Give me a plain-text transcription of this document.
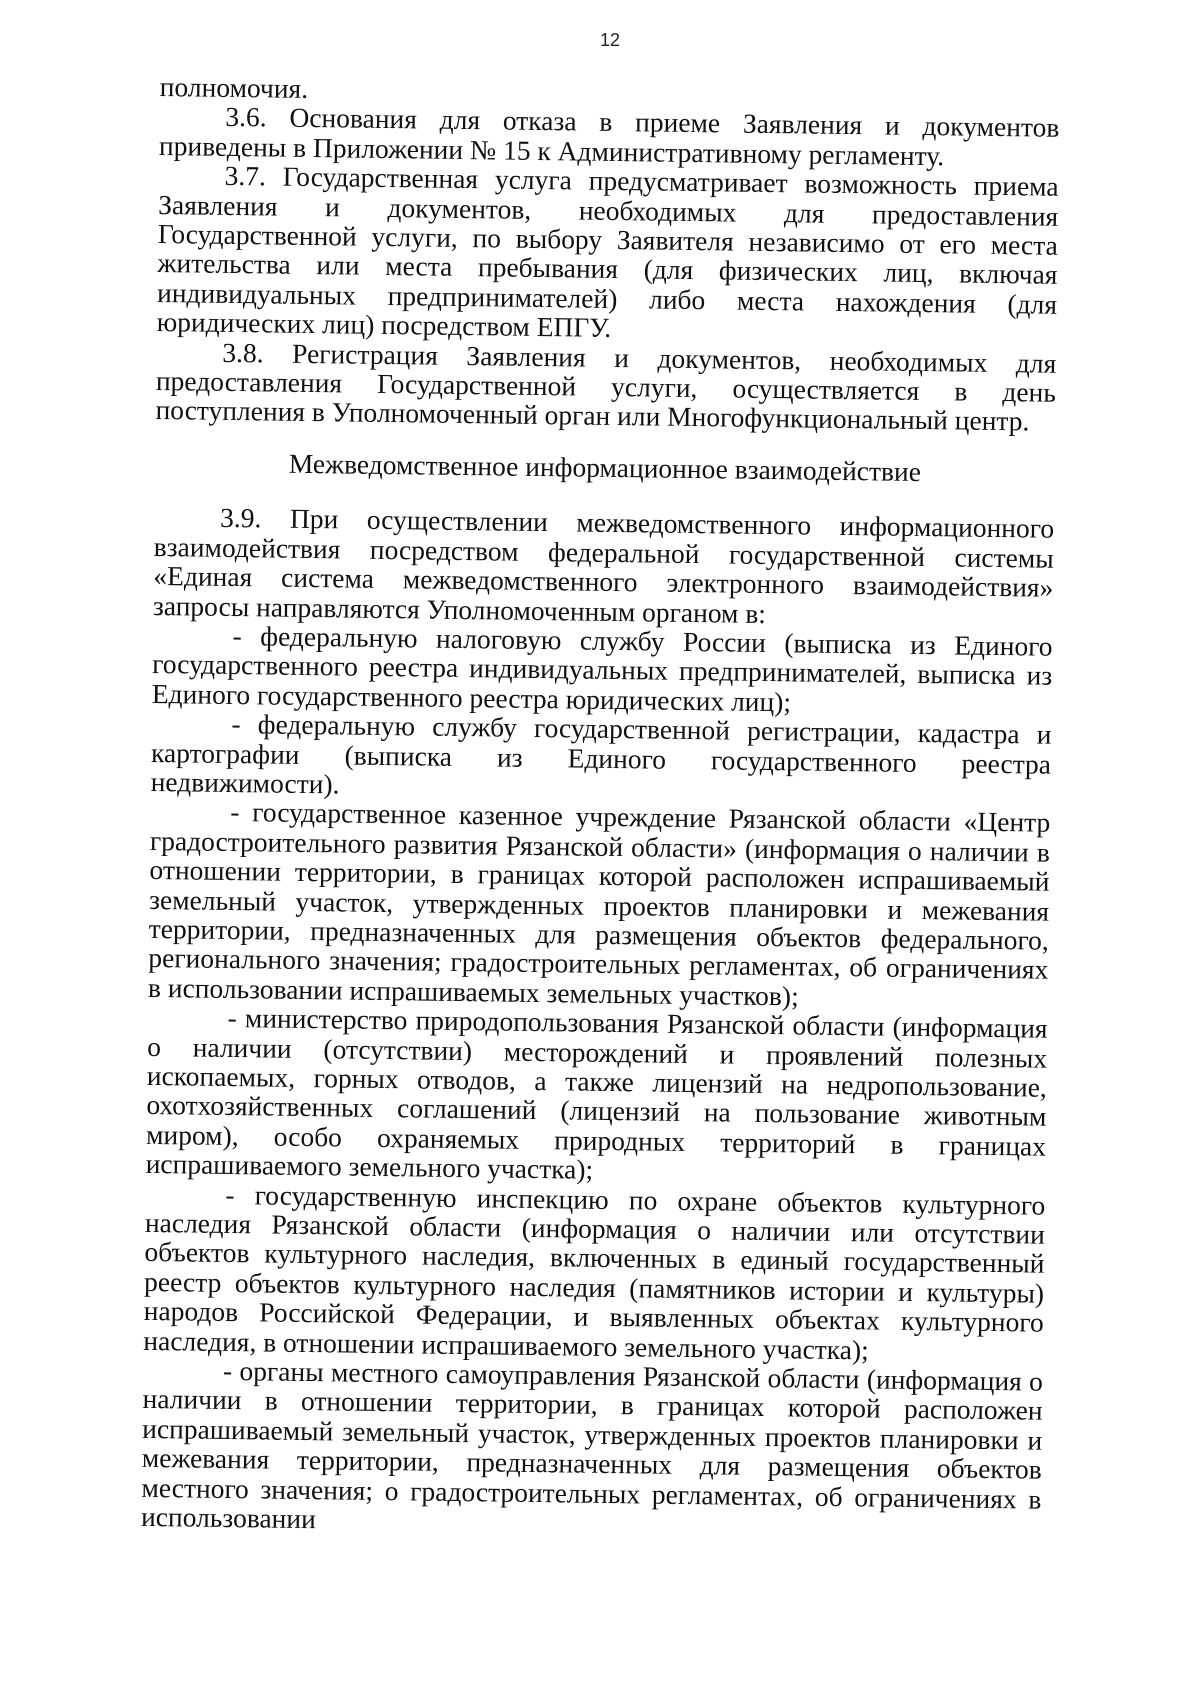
12

полномочия.

3.6. Основания для отказа в приеме Заявления и документов приведены в Приложении № 15 к Административному регламенту.

3.7. Государственная услуга предусматривает возможность приема Заявления и документов, необходимых для предоставления Государственной услуги, по выбору Заявителя независимо от его места жительства или места пребывания (для физических лиц, включая индивидуальных предпринимателей) либо места нахождения (для юридических лиц) посредством ЕПГУ.

3.8. Регистрация Заявления и документов, необходимых для предоставления Государственной услуги, осуществляется в день поступления в Уполномоченный орган или Многофункциональный центр.

Межведомственное информационное взаимодействие

3.9. При осуществлении межведомственного информационного взаимодействия посредством федеральной государственной системы «Единая система межведомственного электронного взаимодействия» запросы направляются Уполномоченным органом в:

- федеральную налоговую службу России (выписка из Единого государственного реестра индивидуальных предпринимателей, выписка из Единого государственного реестра юридических лиц);

- федеральную службу государственной регистрации, кадастра и картографии (выписка из Единого государственного реестра недвижимости).

- государственное казенное учреждение Рязанской области «Центр градостроительного развития Рязанской области» (информация о наличии в отношении территории, в границах которой расположен испрашиваемый земельный участок, утвержденных проектов планировки и межевания территории, предназначенных для размещения объектов федерального, регионального значения; градостроительных регламентах, об ограничениях в использовании испрашиваемых земельных участков);

- министерство природопользования Рязанской области (информация о наличии (отсутствии) месторождений и проявлений полезных ископаемых, горных отводов, а также лицензий на недропользование, охотхозяйственных соглашений (лицензий на пользование животным миром), особо охраняемых природных территорий в границах испрашиваемого земельного участка);

- государственную инспекцию по охране объектов культурного наследия Рязанской области (информация о наличии или отсутствии объектов культурного наследия, включенных в единый государственный реестр объектов культурного наследия (памятников истории и культуры) народов Российской Федерации, и выявленных объектах культурного наследия, в отношении испрашиваемого земельного участка);

- органы местного самоуправления Рязанской области (информация о наличии в отношении территории, в границах которой расположен испрашиваемый земельный участок, утвержденных проектов планировки и межевания территории, предназначенных для размещения объектов местного значения; о градостроительных регламентах, об ограничениях в использовании
